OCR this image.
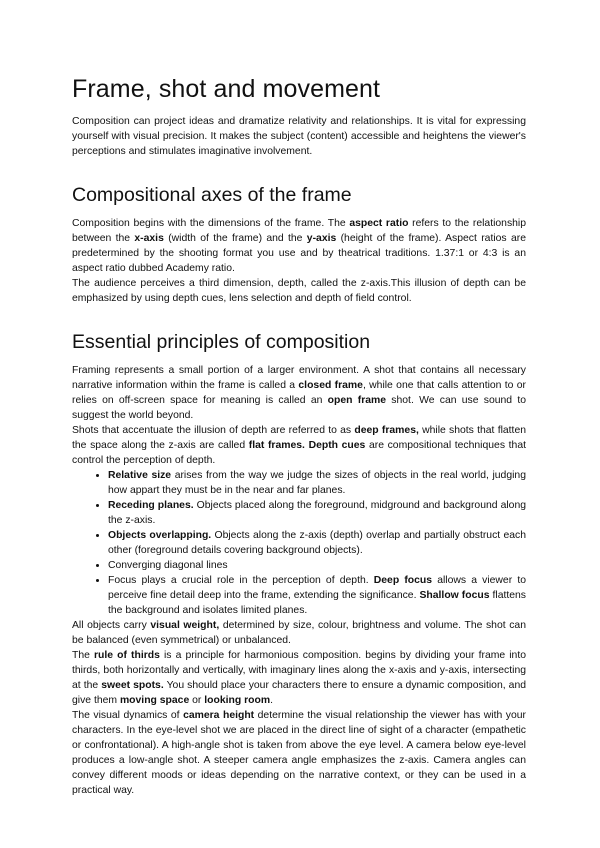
Frame, shot and movement

Composition can project ideas and dramatize relativity and relationships. It is vital for expressing yourself with visual precision. It makes the subject (content) accessible and heightens the viewer's perceptions and stimulates imaginative involvement.

Compositional axes of the frame

Composition begins with the dimensions of the frame. The aspect ratio refers to the relationship between the x-axis (width of the frame) and the y-axis (height of the frame). Aspect ratios are predetermined by the shooting format you use and by theatrical traditions. 1.37:1 or 4:3 is an aspect ratio dubbed Academy ratio.

The audience perceives a third dimension, depth, called the z-axis.This illusion of depth can be emphasized by using depth cues, lens selection and depth of field control.

Essential principles of composition

Framing represents a small portion of a larger environment. A shot that contains all necessary narrative information within the frame is called a closed frame, while one that calls attention to or relies on off-screen space for meaning is called an open frame shot. We can use sound to suggest the world beyond.

Shots that accentuate the illusion of depth are referred to as deep frames, while shots that flatten the space along the z-axis are called flat frames. Depth cues are compositional techniques that control the perception of depth.

• Relative size arises from the way we judge the sizes of objects in the real world, judging how appart they must be in the near and far planes.
• Receding planes. Objects placed along the foreground, midground and background along the z-axis.
• Objects overlapping. Objects along the z-axis (depth) overlap and partially obstruct each other (foreground details covering background objects).
• Converging diagonal lines
• Focus plays a crucial role in the perception of depth. Deep focus allows a viewer to perceive fine detail deep into the frame, extending the significance. Shallow focus flattens the background and isolates limited planes.

All objects carry visual weight, determined by size, colour, brightness and volume. The shot can be balanced (even symmetrical) or unbalanced.

The rule of thirds is a principle for harmonious composition. begins by dividing your frame into thirds, both horizontally and vertically, with imaginary lines along the x-axis and y-axis, intersecting at the sweet spots. You should place your characters there to ensure a dynamic composition, and give them moving space or looking room.

The visual dynamics of camera height determine the visual relationship the viewer has with your characters. In the eye-level shot we are placed in the direct line of sight of a character (empathetic or confrontational). A high-angle shot is taken from above the eye level. A camera below eye-level produces a low-angle shot. A steeper camera angle emphasizes the z-axis. Camera angles can convey different moods or ideas depending on the narrative context, or they can be used in a practical way.
